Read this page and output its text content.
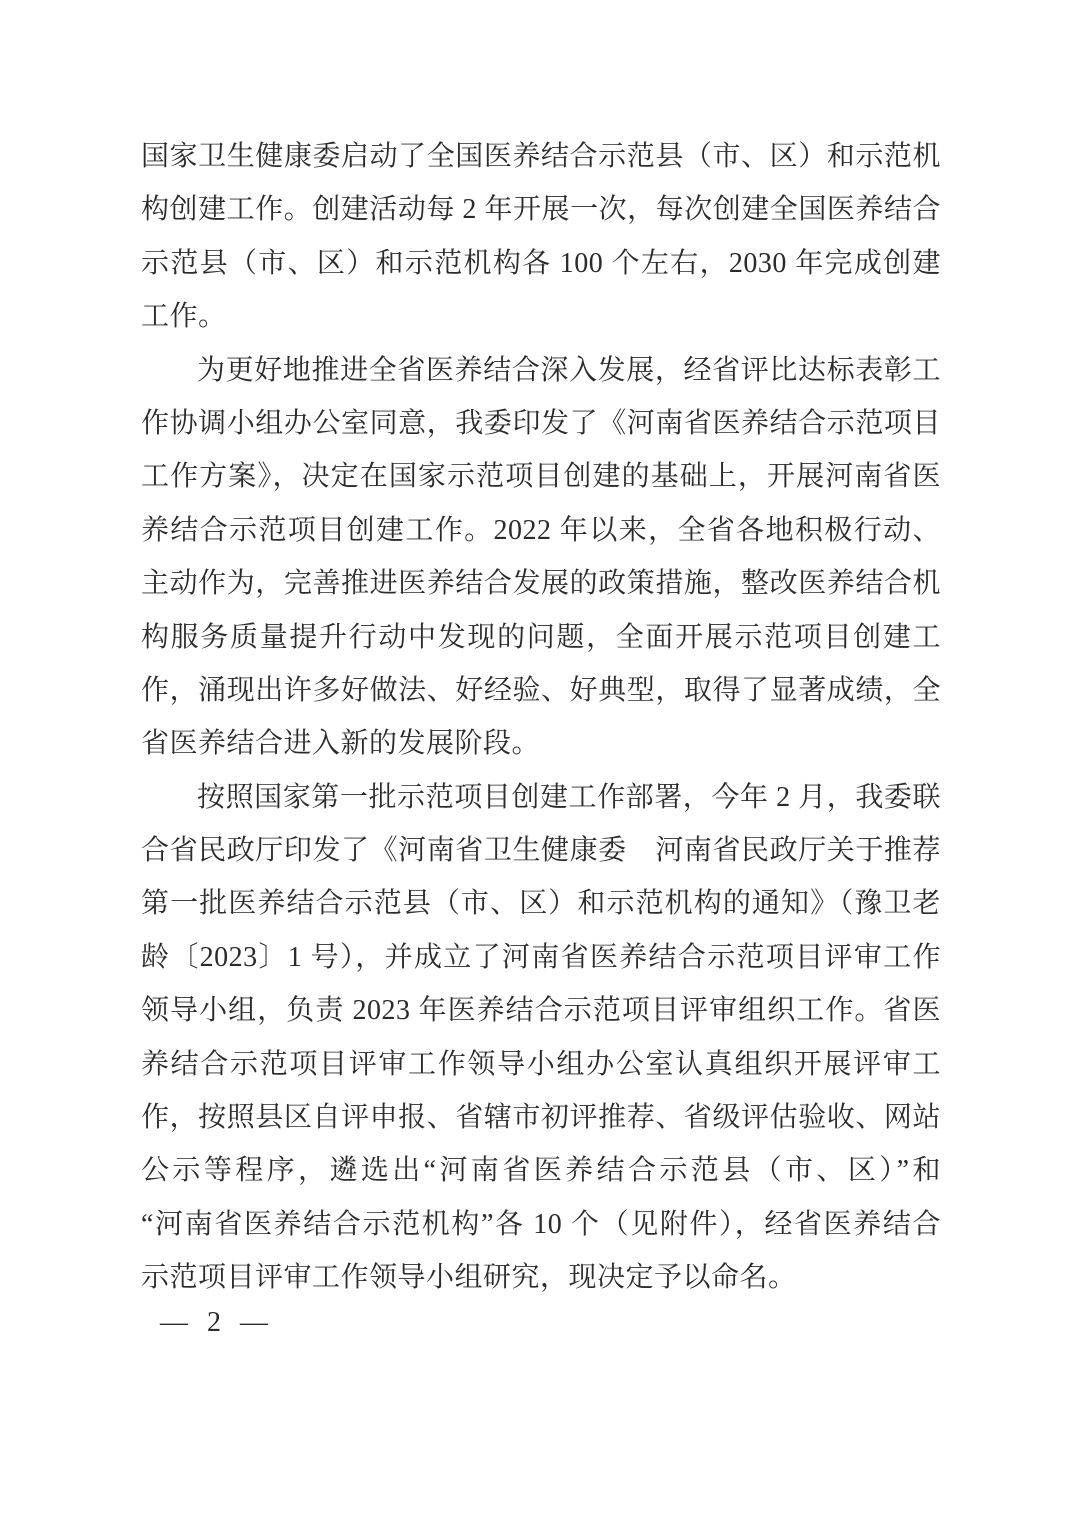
国家卫生健康委启动了全国医养结合示范县（市、区）和示范机
构创建工作。创建活动每 2 年开展一次，每次创建全国医养结合
示范县（市、区）和示范机构各 100 个左右，2030 年完成创建
工作。
为更好地推进全省医养结合深入发展，经省评比达标表彰工
作协调小组办公室同意，我委印发了《河南省医养结合示范项目
工作方案》，决定在国家示范项目创建的基础上，开展河南省医
养结合示范项目创建工作。2022 年以来，全省各地积极行动、
主动作为，完善推进医养结合发展的政策措施，整改医养结合机
构服务质量提升行动中发现的问题，全面开展示范项目创建工
作，涌现出许多好做法、好经验、好典型，取得了显著成绩，全
省医养结合进入新的发展阶段。
按照国家第一批示范项目创建工作部署，今年 2 月，我委联
合省民政厅印发了《河南省卫生健康委　河南省民政厅关于推荐
第一批医养结合示范县（市、区）和示范机构的通知》（豫卫老
龄〔2023〕1 号），并成立了河南省医养结合示范项目评审工作
领导小组，负责 2023 年医养结合示范项目评审组织工作。省医
养结合示范项目评审工作领导小组办公室认真组织开展评审工
作，按照县区自评申报、省辖市初评推荐、省级评估验收、网站
公示等程序，遴选出“河南省医养结合示范县（市、区）”和
“河南省医养结合示范机构”各 10 个（见附件），经省医养结合
示范项目评审工作领导小组研究，现决定予以命名。
— 2 —
